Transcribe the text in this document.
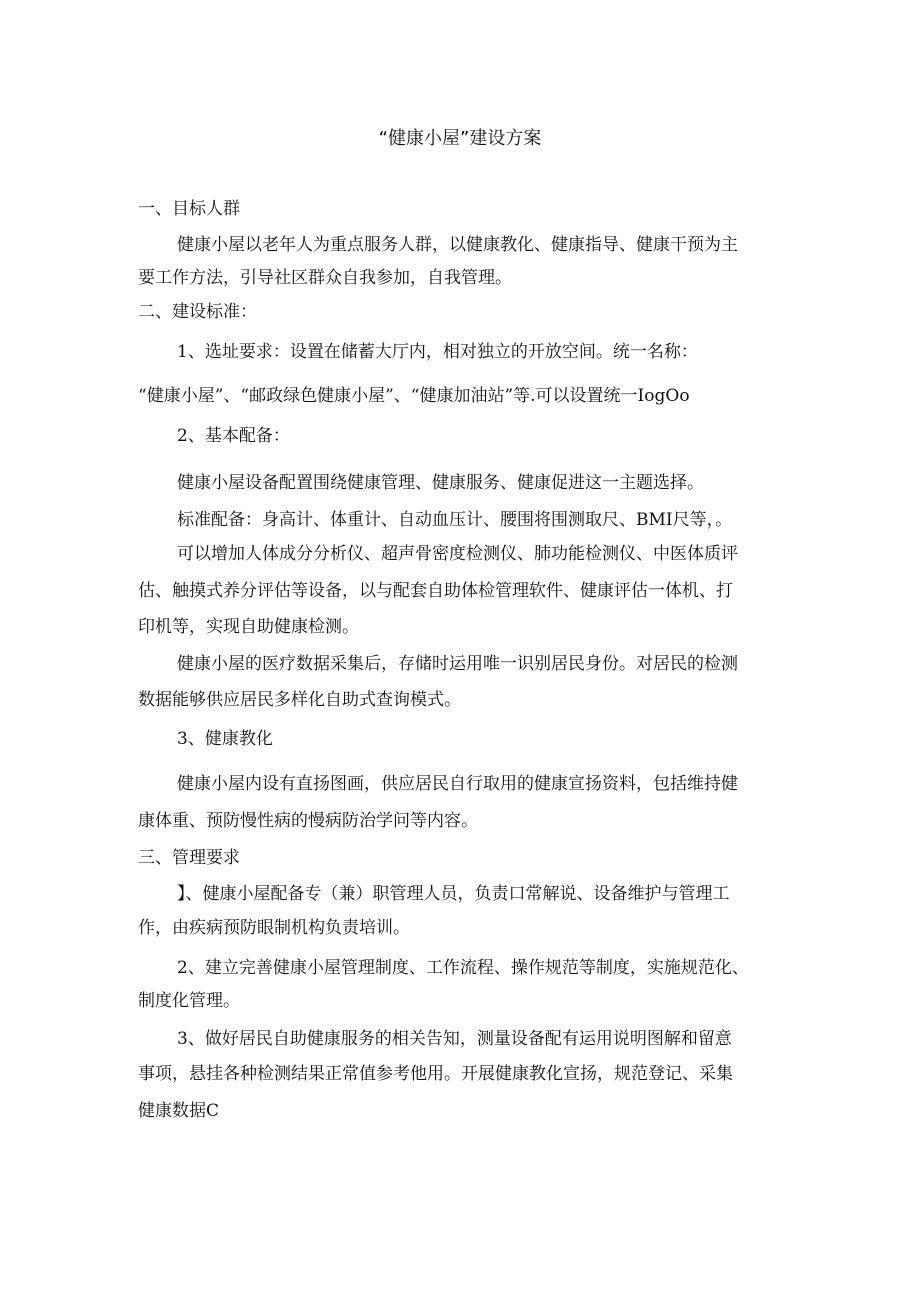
“健康小屋”建设方案

一、目标人群

健康小屋以老年人为重点服务人群，以健康教化、健康指导、健康干预为主

要工作方法，引导社区群众自我参加，自我管理。

二、建设标准：

1、选址要求：设置在储蓄大厅内，相对独立的开放空间。统一名称：

“健康小屋”、“邮政绿色健康小屋”、“健康加油站”等.可以设置统一IogOo

2、基本配备：

健康小屋设备配置围绕健康管理、健康服务、健康促进这一主题选择。

标准配备：身高计、体重计、自动血压计、腰围将围测取尺、BMI尺等，。

可以增加人体成分分析仪、超声骨密度检测仪、肺功能检测仪、中医体质评

估、触摸式养分评估等设备，以与配套自助体检管理软件、健康评估一体机、打

印机等，实现自助健康检测。

健康小屋的医疗数据采集后，存储时运用唯一识别居民身份。对居民的检测

数据能够供应居民多样化自助式查询模式。

3、健康教化

健康小屋内设有直扬图画，供应居民自行取用的健康宣扬资料，包括维持健

康体重、预防慢性病的慢病防治学问等内容。

三、管理要求

】、健康小屋配备专（兼）职管理人员，负责口常解说、设备维护与管理工

作，由疾病预防眼制机构负责培训。

2、建立完善健康小屋管理制度、工作流程、操作规范等制度，实施规范化、

制度化管理。

3、做好居民自助健康服务的相关告知，测量设备配有运用说明图解和留意

事项，悬挂各种检测结果正常值参考他用。开展健康教化宣扬，规范登记、采集

健康数据C
